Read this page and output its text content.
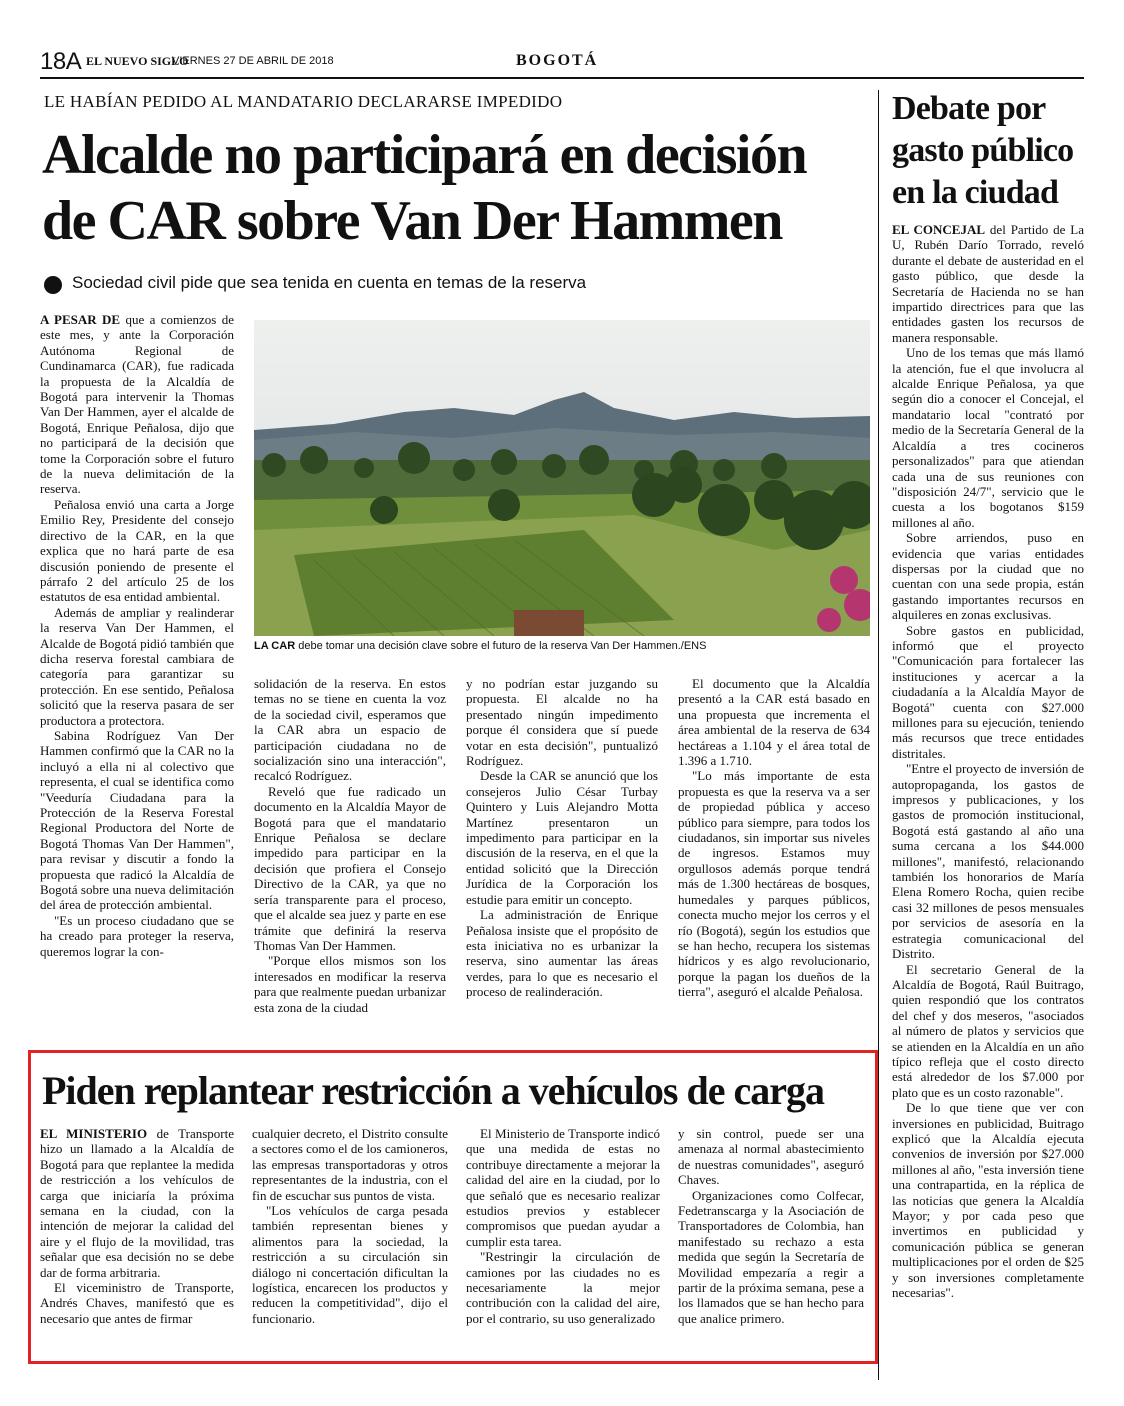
18A EL NUEVO SIGLO
VIERNES 27 DE ABRIL DE 2018	BOGOTÁ
LE HABÍAN PEDIDO AL MANDATARIO DECLARARSE IMPEDIDO
Alcalde no participará en decisión de CAR sobre Van Der Hammen
Sociedad civil pide que sea tenida en cuenta en temas de la reserva

A PESAR DE que a comienzos de este mes, y ante la Corporación Autónoma Regional de Cundinamarca (CAR), fue radicada la propuesta de la Alcaldía de Bogotá para intervenir la Thomas Van Der Hammen, ayer el alcalde de Bogotá, Enrique Peñalosa, dijo que no participará de la decisión que tome la Corporación sobre el futuro de la nueva delimitación de la reserva.

Peñalosa envió una carta a Jorge Emilio Rey, Presidente del consejo directivo de la CAR, en la que explica que no hará parte de esa discusión poniendo de presente el párrafo 2 del artículo 25 de los estatutos de esa entidad ambiental.

Además de ampliar y realinderar la reserva Van Der Hammen, el Alcalde de Bogotá pidió también que dicha reserva forestal cambiara de categoría para garantizar su protección. En ese sentido, Peñalosa solicitó que la reserva pasara de ser productora a protectora.

Sabina Rodríguez Van Der Hammen confirmó que la CAR no la incluyó a ella ni al colectivo que representa, el cual se identifica como "Veeduría Ciudadana para la Protección de la Reserva Forestal Regional Productora del Norte de Bogotá Thomas Van Der Hammen", para revisar y discutir a fondo la propuesta que radicó la Alcaldía de Bogotá sobre una nueva delimitación del área de protección ambiental.

"Es un proceso ciudadano que se ha creado para proteger la reserva, queremos lograr la con-

LA CAR debe tomar una decisión clave sobre el futuro de la reserva Van Der Hammen./ENS

solidación de la reserva. En estos temas no se tiene en cuenta la voz de la sociedad civil, esperamos que la CAR abra un espacio de participación ciudadana no de socialización sino una interacción", recalcó Rodríguez.

Reveló que fue radicado un documento en la Alcaldía Mayor de Bogotá para que el mandatario Enrique Peñalosa se declare impedido para participar en la decisión que profiera el Consejo Directivo de la CAR, ya que no sería transparente para el proceso, que el alcalde sea juez y parte en ese trámite que definirá la reserva Thomas Van Der Hammen.

"Porque ellos mismos son los interesados en modificar la reserva para que realmente puedan urbanizar esta zona de la ciudad

y no podrían estar juzgando su propuesta. El alcalde no ha presentado ningún impedimento porque él considera que sí puede votar en esta decisión", puntualizó Rodríguez.

Desde la CAR se anunció que los consejeros Julio César Turbay Quintero y Luis Alejandro Motta Martínez presentaron un impedimento para participar en la discusión de la reserva, en el que la entidad solicitó que la Dirección Jurídica de la Corporación los estudie para emitir un concepto.

La administración de Enrique Peñalosa insiste que el propósito de esta iniciativa no es urbanizar la reserva, sino aumentar las áreas verdes, para lo que es necesario el proceso de realinderación.

El documento que la Alcaldía presentó a la CAR está basado en una propuesta que incrementa el área ambiental de la reserva de 634 hectáreas a 1.104 y el área total de 1.396 a 1.710.

"Lo más importante de esta propuesta es que la reserva va a ser de propiedad pública y acceso público para siempre, para todos los ciudadanos, sin importar sus niveles de ingresos. Estamos muy orgullosos además porque tendrá más de 1.300 hectáreas de bosques, humedales y parques públicos, conecta mucho mejor los cerros y el río (Bogotá), según los estudios que se han hecho, recupera los sistemas hídricos y es algo revolucionario, porque la pagan los dueños de la tierra", aseguró el alcalde Peñalosa.

Debate por gasto público en la ciudad

EL CONCEJAL del Partido de La U, Rubén Darío Torrado, reveló durante el debate de austeridad en el gasto público, que desde la Secretaría de Hacienda no se han impartido directrices para que las entidades gasten los recursos de manera responsable.

Uno de los temas que más llamó la atención, fue el que involucra al alcalde Enrique Peñalosa, ya que según dio a conocer el Concejal, el mandatario local "contrató por medio de la Secretaría General de la Alcaldía a tres cocineros personalizados" para que atiendan cada una de sus reuniones con "disposición 24/7", servicio que le cuesta a los bogotanos $159 millones al año.

Sobre arriendos, puso en evidencia que varias entidades dispersas por la ciudad que no cuentan con una sede propia, están gastando importantes recursos en alquileres en zonas exclusivas.

Sobre gastos en publicidad, informó que el proyecto "Comunicación para fortalecer las instituciones y acercar a la ciudadanía a la Alcaldía Mayor de Bogotá" cuenta con $27.000 millones para su ejecución, teniendo más recursos que trece entidades distritales.

"Entre el proyecto de inversión de autopropaganda, los gastos de impresos y publicaciones, y los gastos de promoción institucional, Bogotá está gastando al año una suma cercana a los $44.000 millones", manifestó, relacionando también los honorarios de María Elena Romero Rocha, quien recibe casi 32 millones de pesos mensuales por servicios de asesoría en la estrategia comunicacional del Distrito.

El secretario General de la Alcaldía de Bogotá, Raúl Buitrago, quien respondió que los contratos del chef y dos meseros, "asociados al número de platos y servicios que se atienden en la Alcaldía en un año típico refleja que el costo directo está alrededor de los $7.000 por plato que es un costo razonable".

De lo que tiene que ver con inversiones en publicidad, Buitrago explicó que la Alcaldía ejecuta convenios de inversión por $27.000 millones al año, "esta inversión tiene una contrapartida, en la réplica de las noticias que genera la Alcaldía Mayor; y por cada peso que invertimos en publicidad y comunicación pública se generan multiplicaciones por el orden de $25 y son inversiones completamente necesarias".

Piden replantear restricción a vehículos de carga

EL MINISTERIO de Transporte hizo un llamado a la Alcaldía de Bogotá para que replantee la medida de restricción a los vehículos de carga que iniciaría la próxima semana en la ciudad, con la intención de mejorar la calidad del aire y el flujo de la movilidad, tras señalar que esa decisión no se debe dar de forma arbitraria.

El viceministro de Transporte, Andrés Chaves, manifestó que es necesario que antes de firmar

cualquier decreto, el Distrito consulte a sectores como el de los camioneros, las empresas transportadoras y otros representantes de la industria, con el fin de escuchar sus puntos de vista.

"Los vehículos de carga pesada también representan bienes y alimentos para la sociedad, la restricción a su circulación sin diálogo ni concertación dificultan la logística, encarecen los productos y reducen la competitividad", dijo el funcionario.

El Ministerio de Transporte indicó que una medida de estas no contribuye directamente a mejorar la calidad del aire en la ciudad, por lo que señaló que es necesario realizar estudios previos y establecer compromisos que puedan ayudar a cumplir esta tarea.

"Restringir la circulación de camiones por las ciudades no es necesariamente la mejor contribución con la calidad del aire, por el contrario, su uso generalizado

y sin control, puede ser una amenaza al normal abastecimiento de nuestras comunidades", aseguró Chaves.

Organizaciones como Colfecar, Fedetranscarga y la Asociación de Transportadores de Colombia, han manifestado su rechazo a esta medida que según la Secretaría de Movilidad empezaría a regir a partir de la próxima semana, pese a los llamados que se han hecho para que analice primero.
